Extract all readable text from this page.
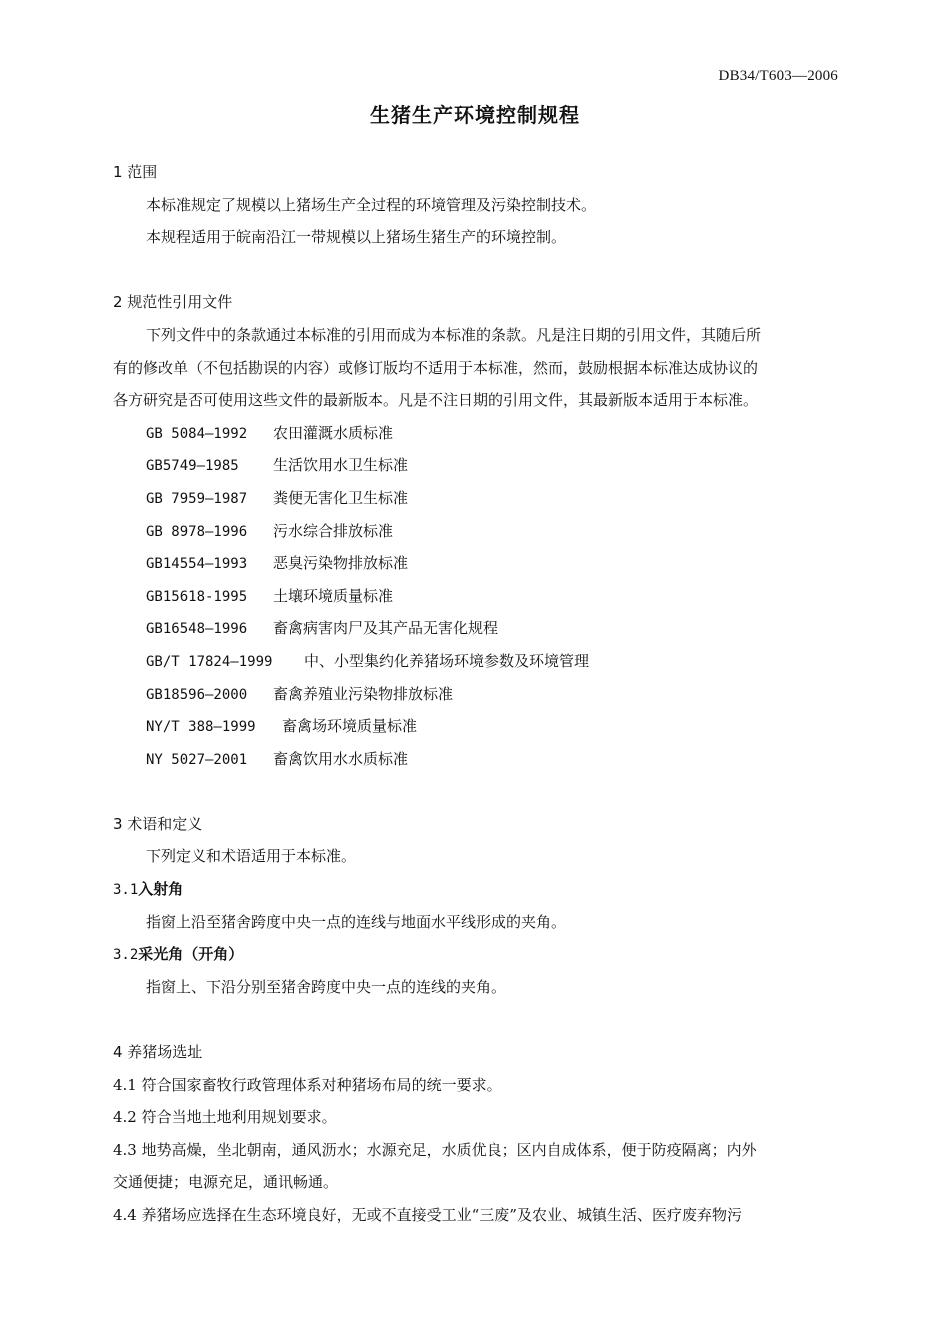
DB34/T603—2006
生猪生产环境控制规程
1 范围
本标准规定了规模以上猪场生产全过程的环境管理及污染控制技术。
本规程适用于皖南沿江一带规模以上猪场生猪生产的环境控制。
2 规范性引用文件
下列文件中的条款通过本标准的引用而成为本标准的条款。凡是注日期的引用文件，其随后所
有的修改单（不包括勘误的内容）或修订版均不适用于本标准，然而，鼓励根据本标准达成协议的
各方研究是否可使用这些文件的最新版本。凡是不注日期的引用文件，其最新版本适用于本标准。
GB 5084—1992 农田灌溉水质标准
GB5749—1985 生活饮用水卫生标准
GB 7959—1987 粪便无害化卫生标准
GB 8978—1996 污水综合排放标准
GB14554—1993 恶臭污染物排放标准
GB15618-1995 土壤环境质量标准
GB16548—1996 畜禽病害肉尸及其产品无害化规程
GB/T 17824—1999 中、小型集约化养猪场环境参数及环境管理
GB18596—2000 畜禽养殖业污染物排放标准
NY/T 388—1999 畜禽场环境质量标准
NY 5027—2001 畜禽饮用水水质标准
3 术语和定义
下列定义和术语适用于本标准。
3.1入射角
指窗上沿至猪舍跨度中央一点的连线与地面水平线形成的夹角。
3.2采光角（开角）
指窗上、下沿分别至猪舍跨度中央一点的连线的夹角。
4 养猪场选址
4.1 符合国家畜牧行政管理体系对种猪场布局的统一要求。
4.2 符合当地土地利用规划要求。
4.3 地势高燥，坐北朝南，通风沥水；水源充足，水质优良；区内自成体系，便于防疫隔离；内外
交通便捷；电源充足，通讯畅通。
4.4 养猪场应选择在生态环境良好，无或不直接受工业“三废”及农业、城镇生活、医疗废弃物污
